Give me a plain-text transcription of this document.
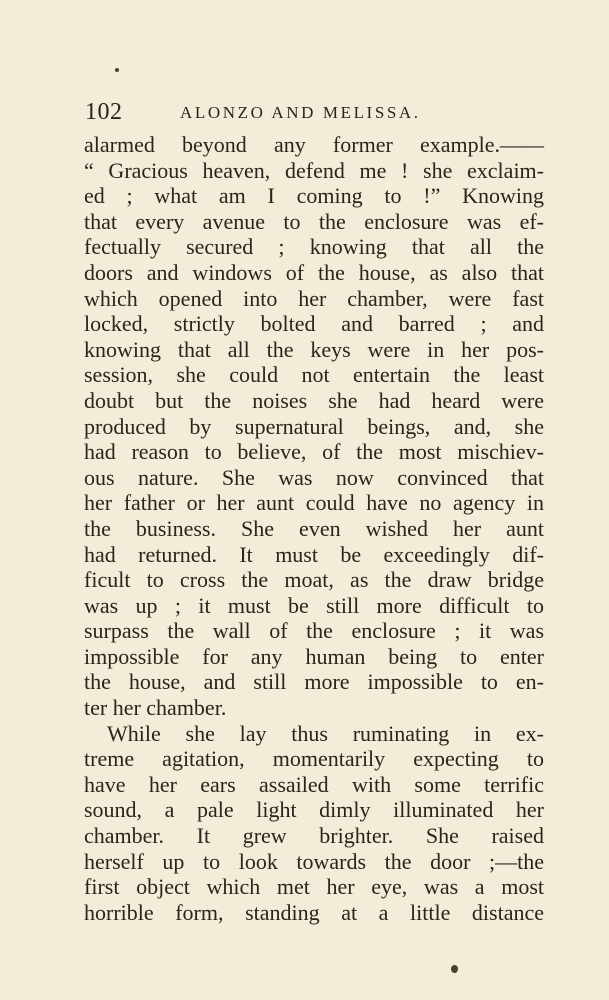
102	ALONZO AND MELISSA.
alarmed beyond any former example.——
“ Gracious heaven, defend me ! she exclaim-
ed ; what am I coming to !” Knowing
that every avenue to the enclosure was ef-
fectually secured ; knowing that all the
doors and windows of the house, as also that
which opened into her chamber, were fast
locked, strictly bolted and barred ; and
knowing that all the keys were in her pos-
session, she could not entertain the least
doubt but the noises she had heard were
produced by supernatural beings, and, she
had reason to believe, of the most mischiev-
ous nature. She was now convinced that
her father or her aunt could have no agency in
the business. She even wished her aunt
had returned. It must be exceedingly dif-
ficult to cross the moat, as the draw bridge
was up ; it must be still more difficult to
surpass the wall of the enclosure ; it was
impossible for any human being to enter
the house, and still more impossible to en-
ter her chamber.
While she lay thus ruminating in ex-
treme agitation, momentarily expecting to
have her ears assailed with some terrific
sound, a pale light dimly illuminated her
chamber. It grew brighter. She raised
herself up to look towards the door ;—the
first object which met her eye, was a most
horrible form, standing at a little distance
